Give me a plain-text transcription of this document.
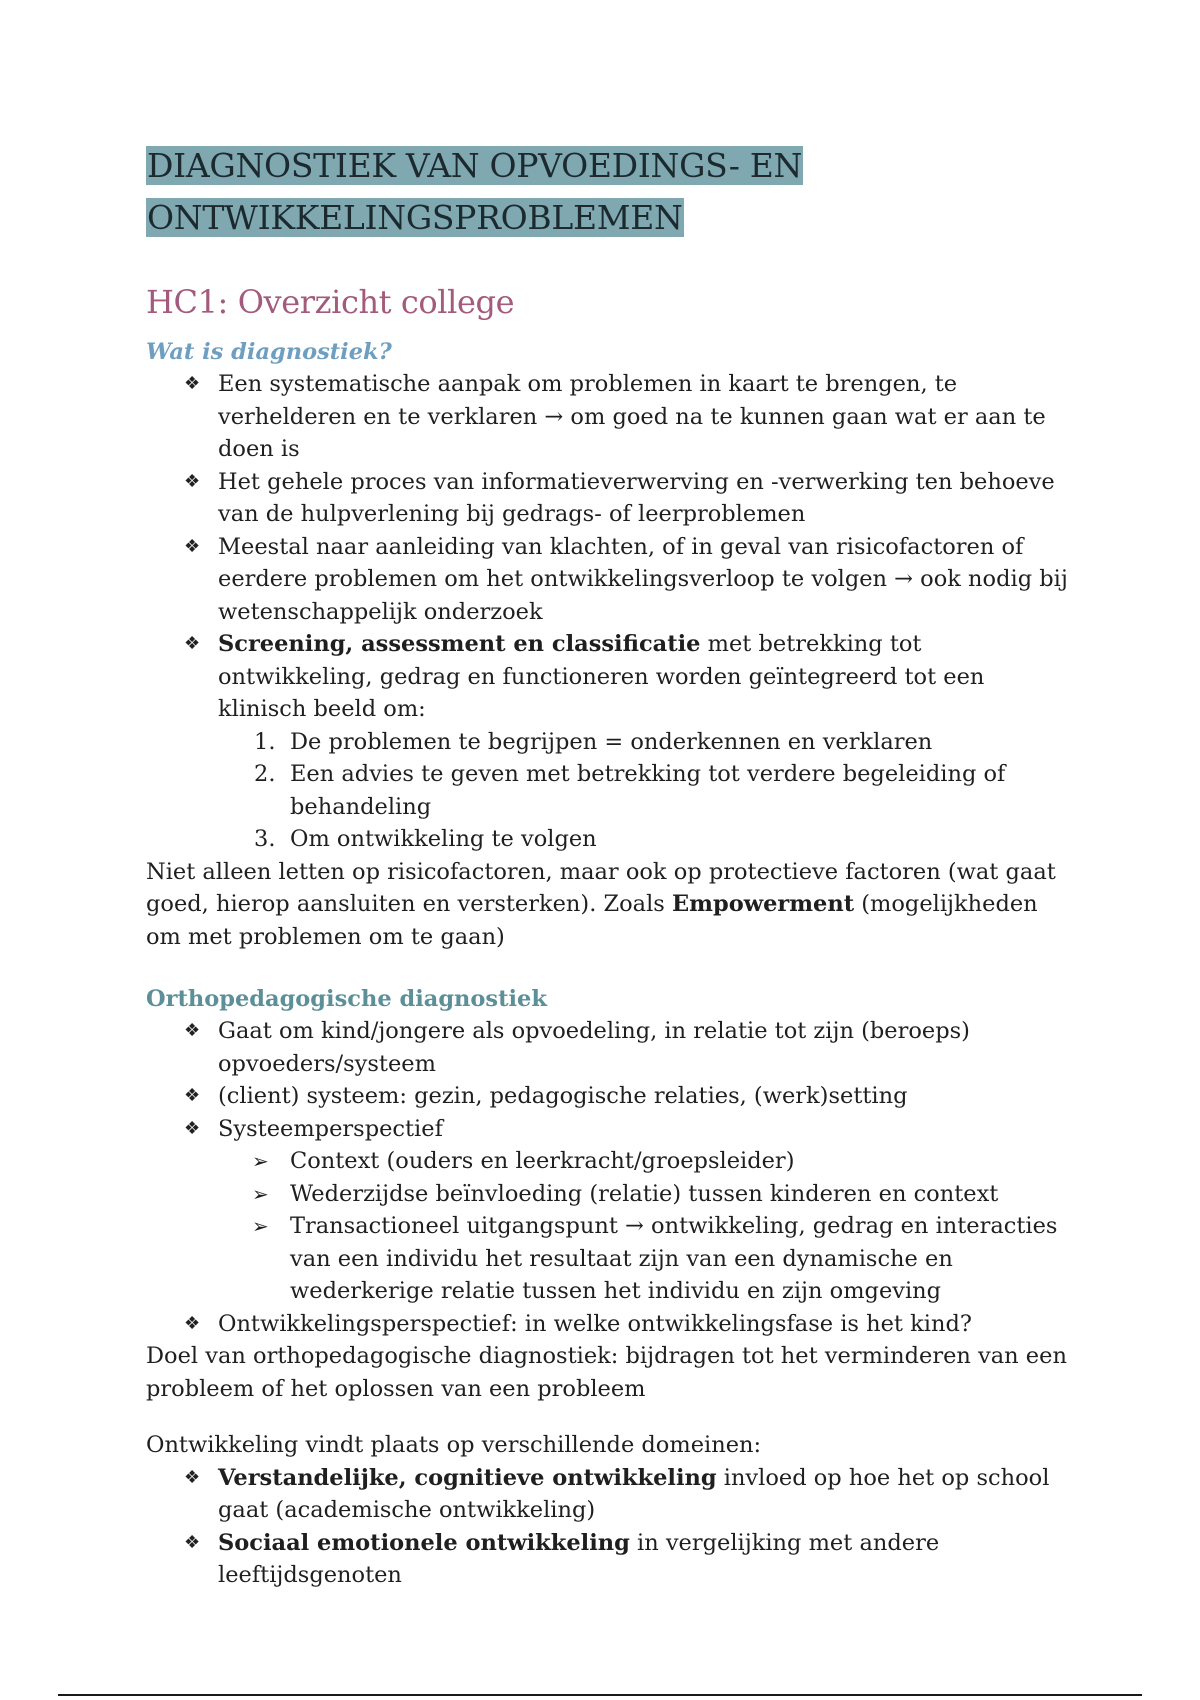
DIAGNOSTIEK VAN OPVOEDINGS- EN
ONTWIKKELINGSPROBLEMEN
HC1: Overzicht college
Wat is diagnostiek?
❖ Een systematische aanpak om problemen in kaart te brengen, te verhelderen en te verklaren → om goed na te kunnen gaan wat er aan te doen is
❖ Het gehele proces van informatieverwerving en -verwerking ten behoeve van de hulpverlening bij gedrags- of leerproblemen
❖ Meestal naar aanleiding van klachten, of in geval van risicofactoren of eerdere problemen om het ontwikkelingsverloop te volgen → ook nodig bij wetenschappelijk onderzoek
❖ Screening, assessment en classificatie met betrekking tot ontwikkeling, gedrag en functioneren worden geïntegreerd tot een klinisch beeld om:
1. De problemen te begrijpen = onderkennen en verklaren
2. Een advies te geven met betrekking tot verdere begeleiding of behandeling
3. Om ontwikkeling te volgen

Niet alleen letten op risicofactoren, maar ook op protectieve factoren (wat gaat goed, hierop aansluiten en versterken). Zoals Empowerment (mogelijkheden om met problemen om te gaan)

Orthopedagogische diagnostiek
❖ Gaat om kind/jongere als opvoedeling, in relatie tot zijn (beroeps) opvoeders/systeem
❖ (client) systeem: gezin, pedagogische relaties, (werk)setting
❖ Systeemperspectief
➢ Context (ouders en leerkracht/groepsleider)
➢ Wederzijdse beïnvloeding (relatie) tussen kinderen en context
➢ Transactioneel uitgangspunt → ontwikkeling, gedrag en interacties van een individu het resultaat zijn van een dynamische en wederkerige relatie tussen het individu en zijn omgeving
❖ Ontwikkelingsperspectief: in welke ontwikkelingsfase is het kind?

Doel van orthopedagogische diagnostiek: bijdragen tot het verminderen van een probleem of het oplossen van een probleem

Ontwikkeling vindt plaats op verschillende domeinen:

❖ Verstandelijke, cognitieve ontwikkeling invloed op hoe het op school gaat (academische ontwikkeling)
❖ Sociaal emotionele ontwikkeling in vergelijking met andere leeftijdsgenoten
